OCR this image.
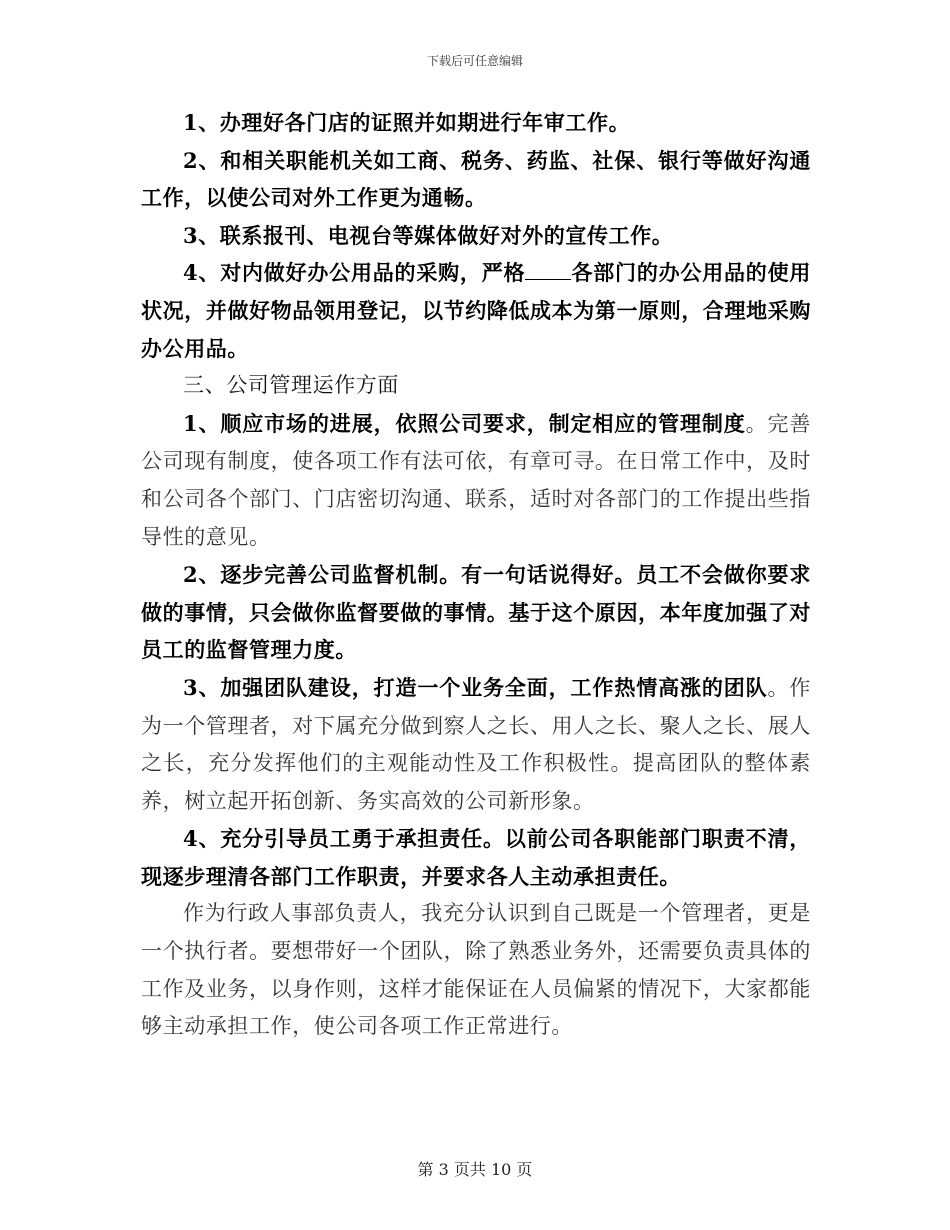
下载后可任意编辑

1、办理好各门店的证照并如期进行年审工作。

2、和相关职能机关如工商、税务、药监、社保、银行等做好沟通工作，以使公司对外工作更为通畅。

3、联系报刊、电视台等媒体做好对外的宣传工作。

4、对内做好办公用品的采购，严格 各部门的办公用品的使用状况，并做好物品领用登记，以节约降低成本为第一原则，合理地采购办公用品。

三、公司管理运作方面

1、顺应市场的进展，依照公司要求，制定相应的管理制度。完善公司现有制度，使各项工作有法可依，有章可寻。在日常工作中，及时和公司各个部门、门店密切沟通、联系，适时对各部门的工作提出些指导性的意见。

2、逐步完善公司监督机制。有一句话说得好。员工不会做你要求做的事情，只会做你监督要做的事情。基于这个原因，本年度加强了对员工的监督管理力度。

3、加强团队建设，打造一个业务全面，工作热情高涨的团队。作为一个管理者，对下属充分做到察人之长、用人之长、聚人之长、展人之长，充分发挥他们的主观能动性及工作积极性。提高团队的整体素养，树立起开拓创新、务实高效的公司新形象。

4、充分引导员工勇于承担责任。以前公司各职能部门职责不清，现逐步理清各部门工作职责，并要求各人主动承担责任。

作为行政人事部负责人，我充分认识到自己既是一个管理者，更是一个执行者。要想带好一个团队，除了熟悉业务外，还需要负责具体的工作及业务，以身作则，这样才能保证在人员偏紧的情况下，大家都能够主动承担工作，使公司各项工作正常进行。

第 3 页共 10 页
